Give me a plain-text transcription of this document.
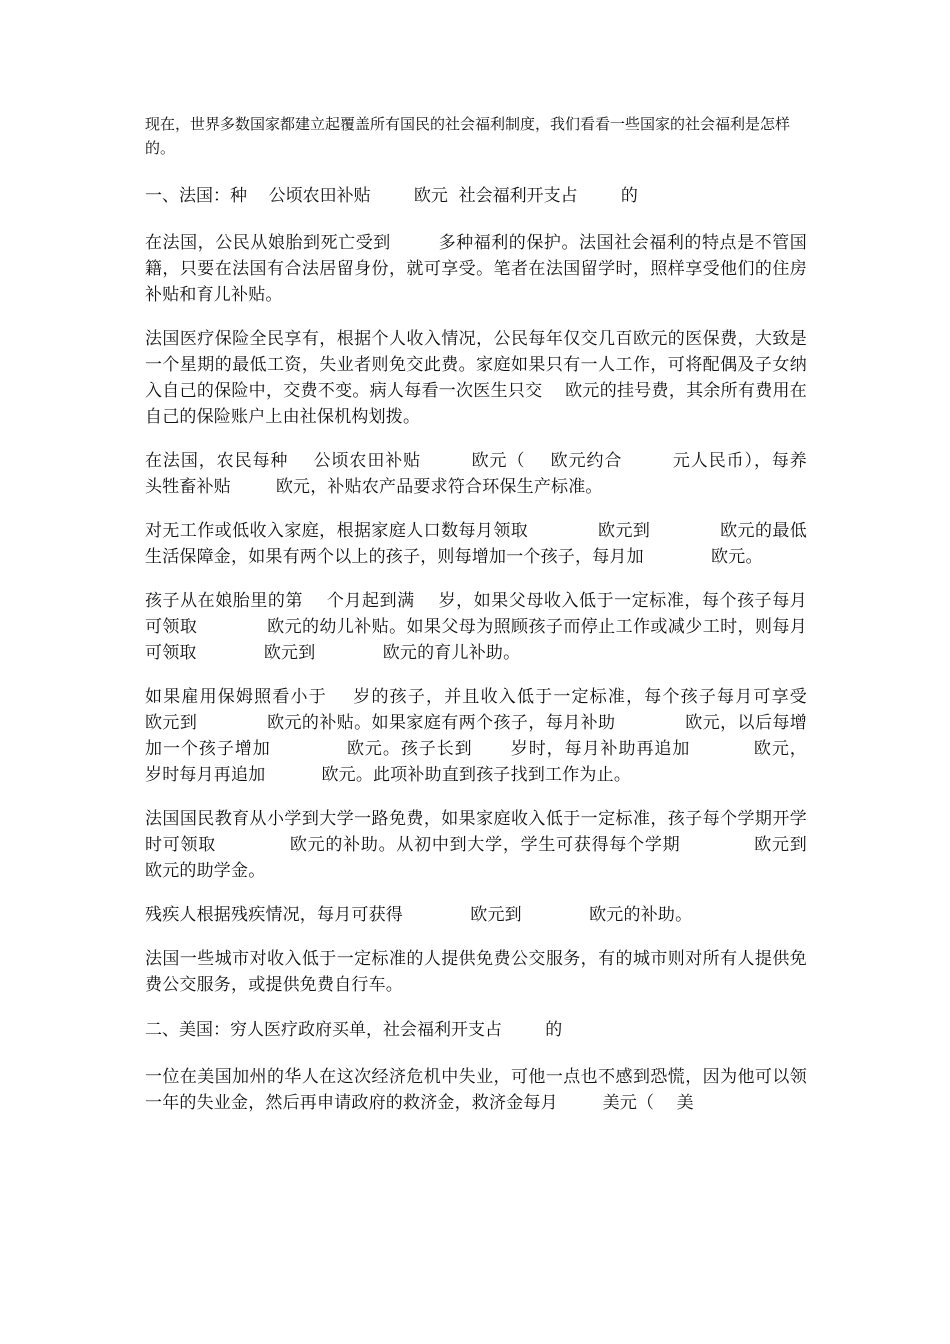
现在，世界多数国家都建立起覆盖所有国民的社会福利制度，我们看看一些国家的社会福利是怎样的。

一、法国：种    公顷农田补贴        欧元  社会福利开支占        的

在法国，公民从娘胎到死亡受到        多种福利的保护。法国社会福利的特点是不管国籍，只要在法国有合法居留身份，就可享受。笔者在法国留学时，照样享受他们的住房补贴和育儿补贴。

法国医疗保险全民享有，根据个人收入情况，公民每年仅交几百欧元的医保费，大致是一个星期的最低工资，失业者则免交此费。家庭如果只有一人工作，可将配偶及子女纳入自己的保险中，交费不变。病人每看一次医生只交    欧元的挂号费，其余所有费用在自己的保险账户上由社保机构划拨。

在法国，农民每种    公顷农田补贴        欧元（    欧元约合        元人民币），每养    头牲畜补贴        欧元，补贴农产品要求符合环保生产标准。

对无工作或低收入家庭，根据家庭人口数每月领取            欧元到            欧元的最低生活保障金，如果有两个以上的孩子，则每增加一个孩子，每月加            欧元。

孩子从在娘胎里的第    个月起到满    岁，如果父母收入低于一定标准，每个孩子每月可领取            欧元的幼儿补贴。如果父母为照顾孩子而停止工作或减少工时，则每月可领取            欧元到            欧元的育儿补助。

如果雇用保姆照看小于    岁的孩子，并且收入低于一定标准，每个孩子每月可享受            欧元到            欧元的补贴。如果家庭有两个孩子，每月补助            欧元，以后每增加一个孩子增加            欧元。孩子长到      岁时，每月补助再追加          欧元，      岁时每月再追加          欧元。此项补助直到孩子找到工作为止。

法国国民教育从小学到大学一路免费，如果家庭收入低于一定标准，孩子每个学期开学时可领取            欧元的补助。从初中到大学，学生可获得每个学期            欧元到          欧元的助学金。

残疾人根据残疾情况，每月可获得            欧元到            欧元的补助。

法国一些城市对收入低于一定标准的人提供免费公交服务，有的城市则对所有人提供免费公交服务，或提供免费自行车。

二、美国：穷人医疗政府买单，社会福利开支占        的

一位在美国加州的华人在这次经济危机中失业，可他一点也不感到恐慌，因为他可以领一年的失业金，然后再申请政府的救济金，救济金每月        美元（    美
